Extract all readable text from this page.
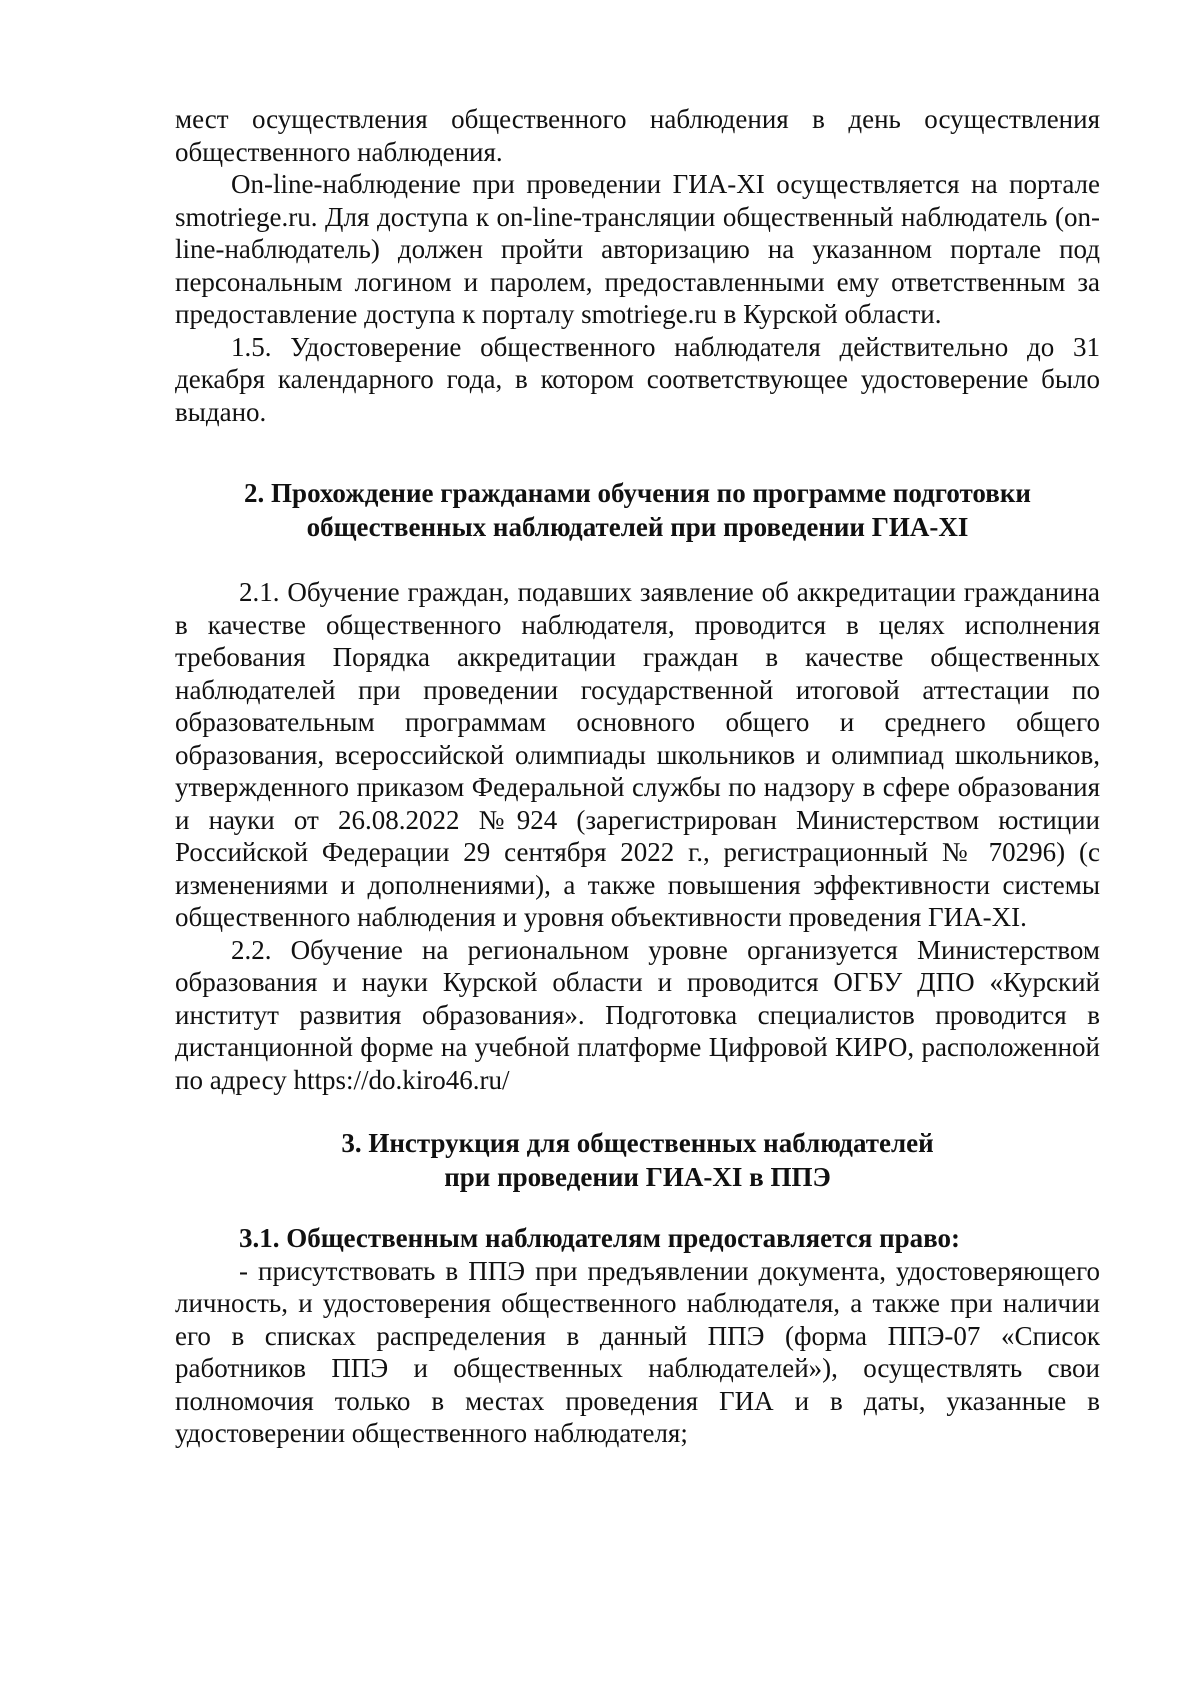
мест осуществления общественного наблюдения в день осуществления общественного наблюдения.

On-line-наблюдение при проведении ГИА-XI осуществляется на портале smotriege.ru. Для доступа к on-line-трансляции общественный наблюдатель (on-line-наблюдатель) должен пройти авторизацию на указанном портале под персональным логином и паролем, предоставленными ему ответственным за предоставление доступа к порталу smotriege.ru в Курской области.

1.5. Удостоверение общественного наблюдателя действительно до 31 декабря календарного года, в котором соответствующее удостоверение было выдано.

2. Прохождение гражданами обучения по программе подготовки
общественных наблюдателей при проведении ГИА-XI

2.1. Обучение граждан, подавших заявление об аккредитации гражданина в качестве общественного наблюдателя, проводится в целях исполнения требования Порядка аккредитации граждан в качестве общественных наблюдателей при проведении государственной итоговой аттестации по образовательным программам основного общего и среднего общего образования, всероссийской олимпиады школьников и олимпиад школьников, утвержденного приказом Федеральной службы по надзору в сфере образования и науки от 26.08.2022 №924 (зарегистрирован Министерством юстиции Российской Федерации 29 сентября 2022 г., регистрационный № 70296) (с изменениями и дополнениями), а также повышения эффективности системы общественного наблюдения и уровня объективности проведения ГИА-XI.

2.2. Обучение на региональном уровне организуется Министерством образования и науки Курской области и проводится ОГБУ ДПО «Курский институт развития образования». Подготовка специалистов проводится в дистанционной форме на учебной платформе Цифровой КИРО, расположенной по адресу https://do.kiro46.ru/

3. Инструкция для общественных наблюдателей
при проведении ГИА-XI в ППЭ

3.1. Общественным наблюдателям предоставляется право:

- присутствовать в ППЭ при предъявлении документа, удостоверяющего личность, и удостоверения общественного наблюдателя, а также при наличии его в списках распределения в данный ППЭ (форма ППЭ-07 «Список работников ППЭ и общественных наблюдателей»), осуществлять свои полномочия только в местах проведения ГИА и в даты, указанные в удостоверении общественного наблюдателя;
